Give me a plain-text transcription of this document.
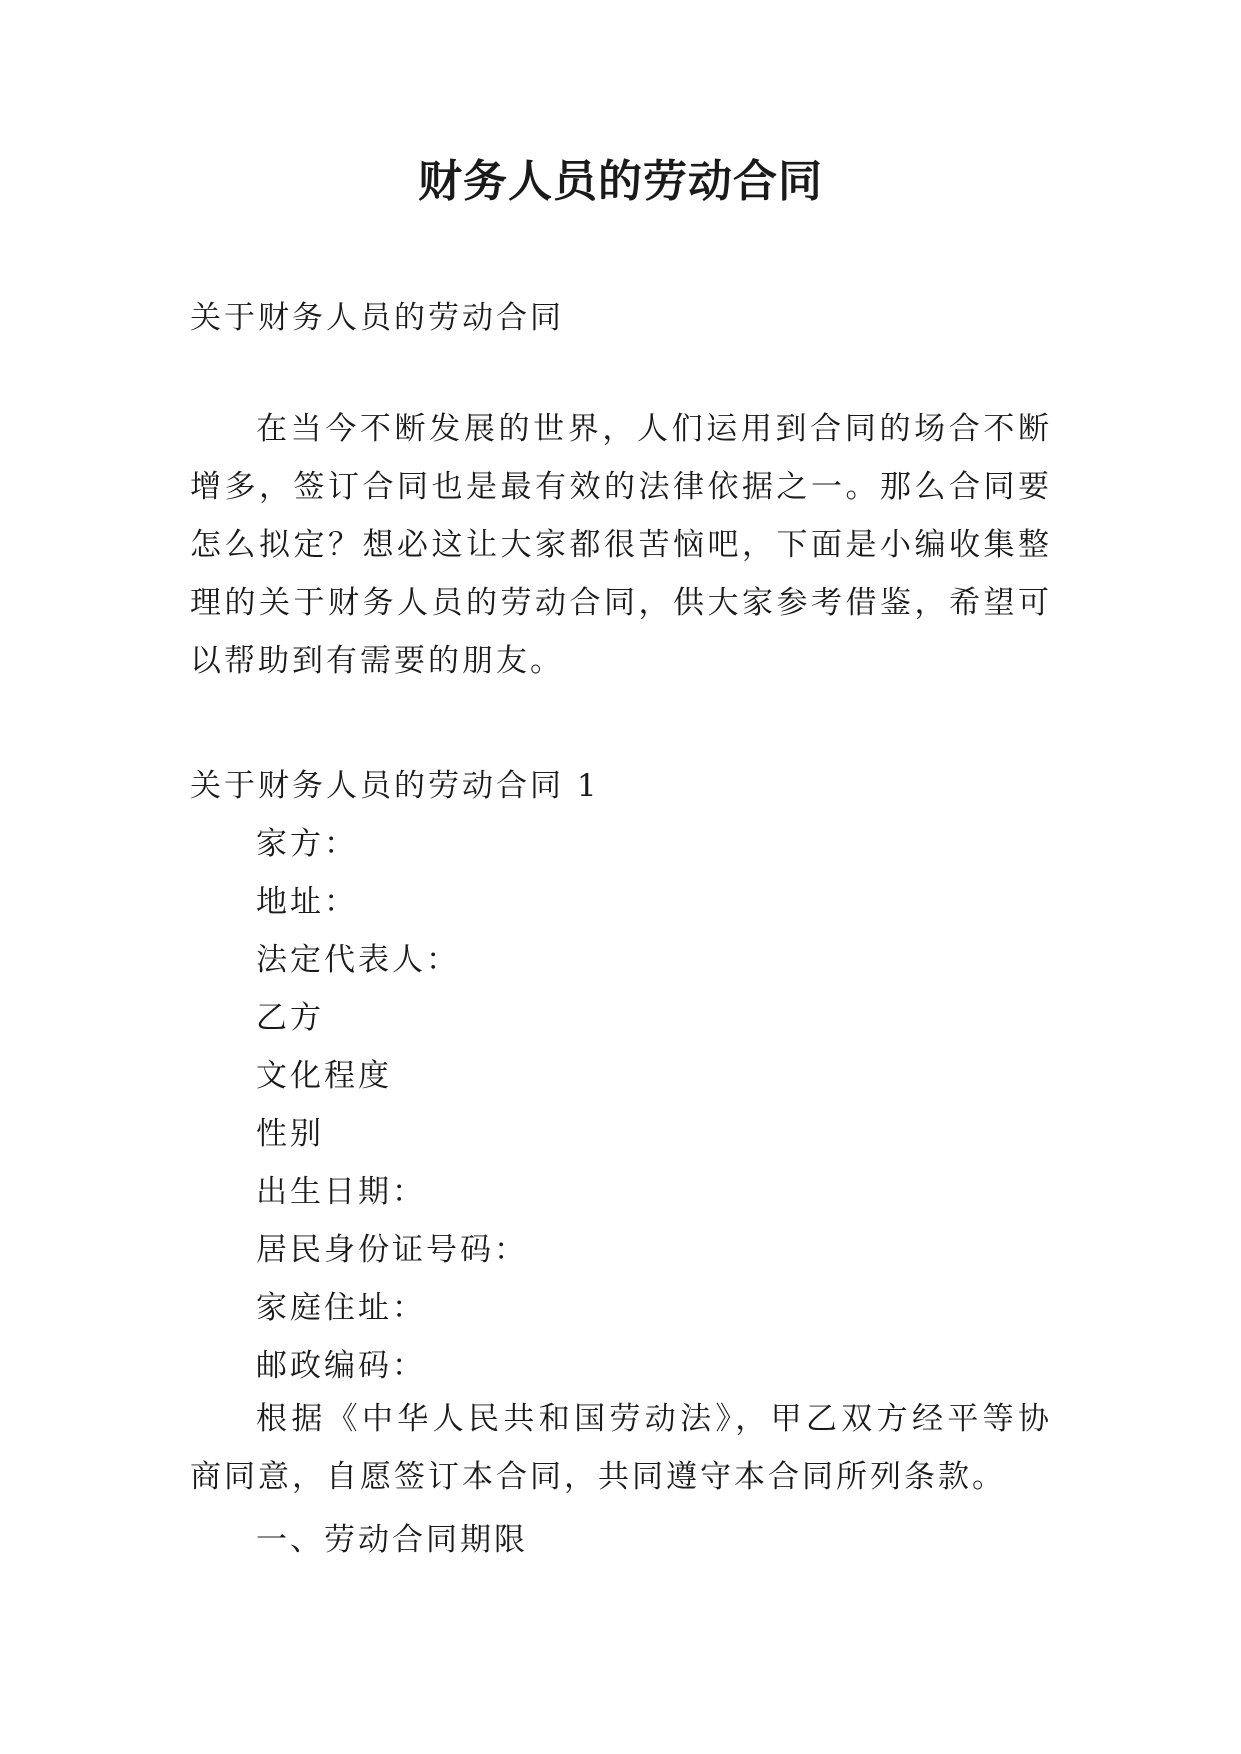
财务人员的劳动合同

关于财务人员的劳动合同

在当今不断发展的世界，人们运用到合同的场合不断增多，签订合同也是最有效的法律依据之一。那么合同要怎么拟定？想必这让大家都很苦恼吧，下面是小编收集整理的关于财务人员的劳动合同，供大家参考借鉴，希望可以帮助到有需要的朋友。

关于财务人员的劳动合同 1

家方：

地址：

法定代表人：

乙方

文化程度

性别

出生日期：

居民身份证号码：

家庭住址：

邮政编码：

根据《中华人民共和国劳动法》，甲乙双方经平等协商同意，自愿签订本合同，共同遵守本合同所列条款。

一、劳动合同期限
